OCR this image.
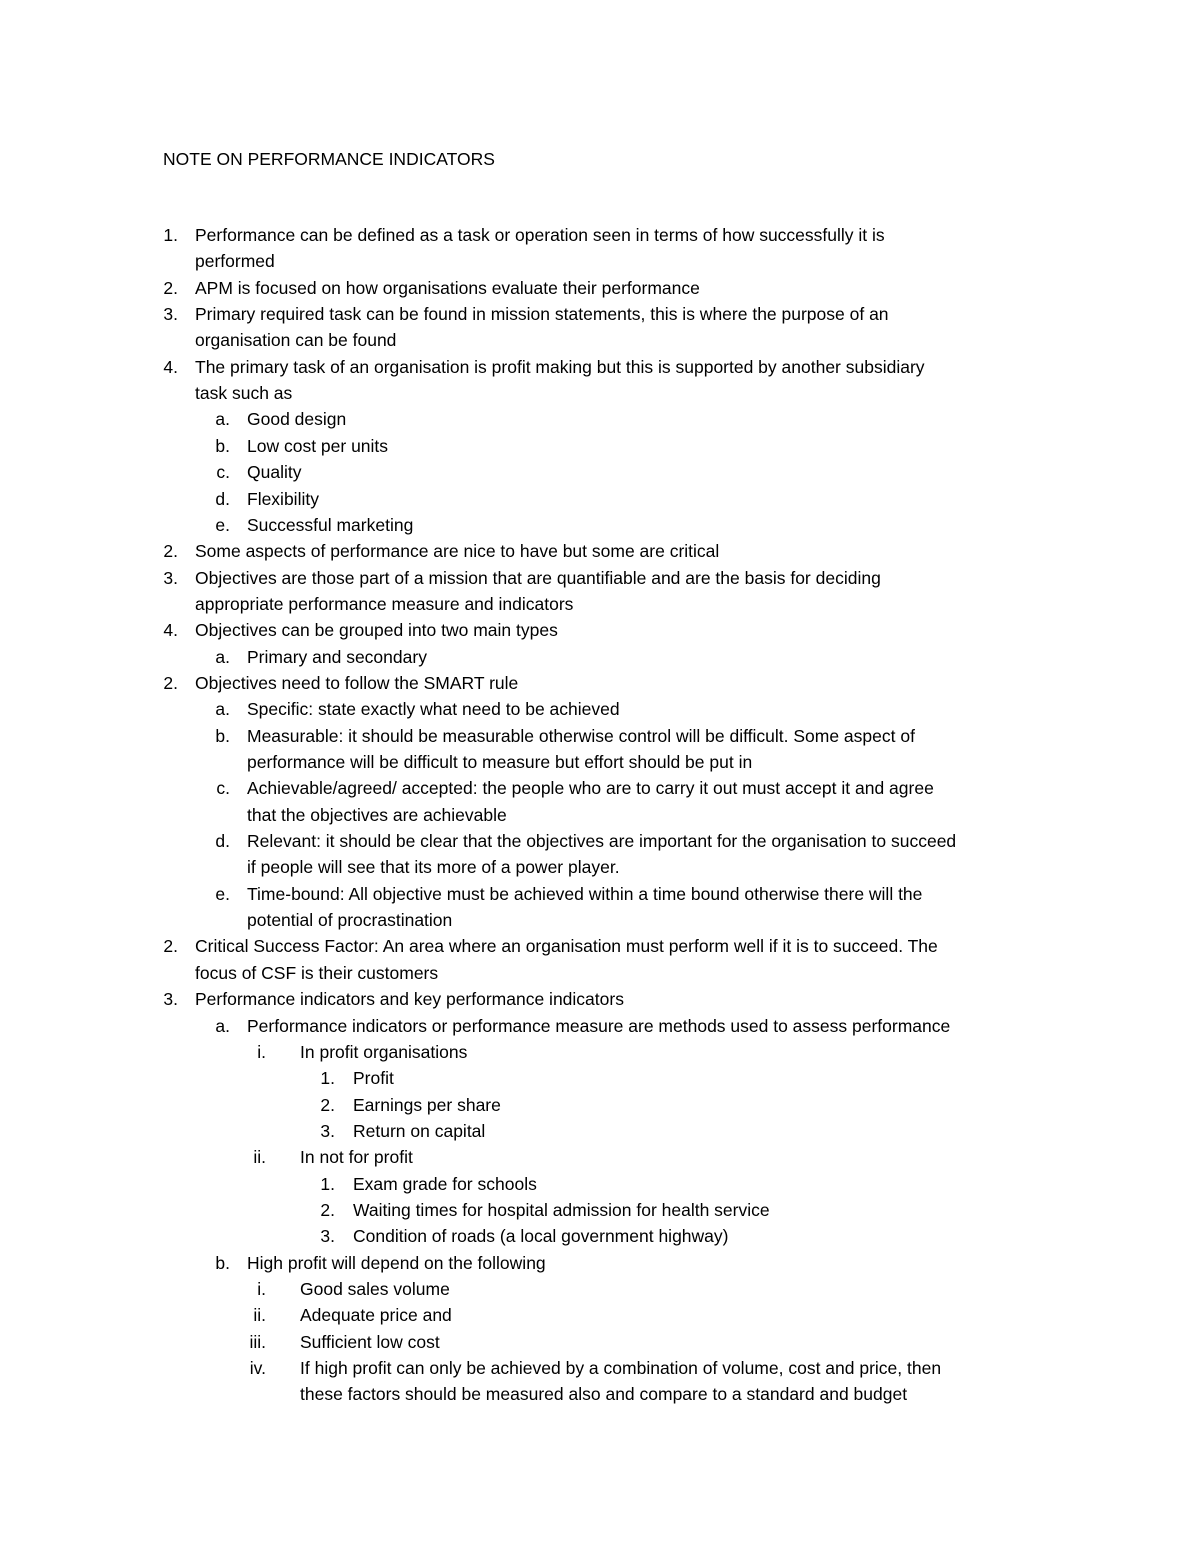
NOTE ON PERFORMANCE INDICATORS
1. Performance can be defined as a task or operation seen in terms of how successfully it is
performed
2. APM is focused on how organisations evaluate their performance
3. Primary required task can be found in mission statements, this is where the purpose of an
organisation can be found
4. The primary task of an organisation is profit making but this is supported by another subsidiary
task such as
a. Good design
b. Low cost per units
c. Quality
d. Flexibility
e. Successful marketing
2. Some aspects of performance are nice to have but some are critical
3. Objectives are those part of a mission that are quantifiable and are the basis for deciding
appropriate performance measure and indicators
4. Objectives can be grouped into two main types
a. Primary and secondary
2. Objectives need to follow the SMART rule
a. Specific: state exactly what need to be achieved
b. Measurable: it should be measurable otherwise control will be difficult. Some aspect of
performance will be difficult to measure but effort should be put in
c. Achievable/agreed/ accepted: the people who are to carry it out must accept it and agree
that the objectives are achievable
d. Relevant: it should be clear that the objectives are important for the organisation to succeed
if people will see that its more of a power player.
e. Time-bound: All objective must be achieved within a time bound otherwise there will the
potential of procrastination
2. Critical Success Factor: An area where an organisation must perform well if it is to succeed. The
focus of CSF is their customers
3. Performance indicators and key performance indicators
a. Performance indicators or performance measure are methods used to assess performance
i. In profit organisations
1. Profit
2. Earnings per share
3. Return on capital
ii. In not for profit
1. Exam grade for schools
2. Waiting times for hospital admission for health service
3. Condition of roads (a local government highway)
b. High profit will depend on the following
i. Good sales volume
ii. Adequate price and
iii. Sufficient low cost
iv. If high profit can only be achieved by a combination of volume, cost and price, then
these factors should be measured also and compare to a standard and budget
